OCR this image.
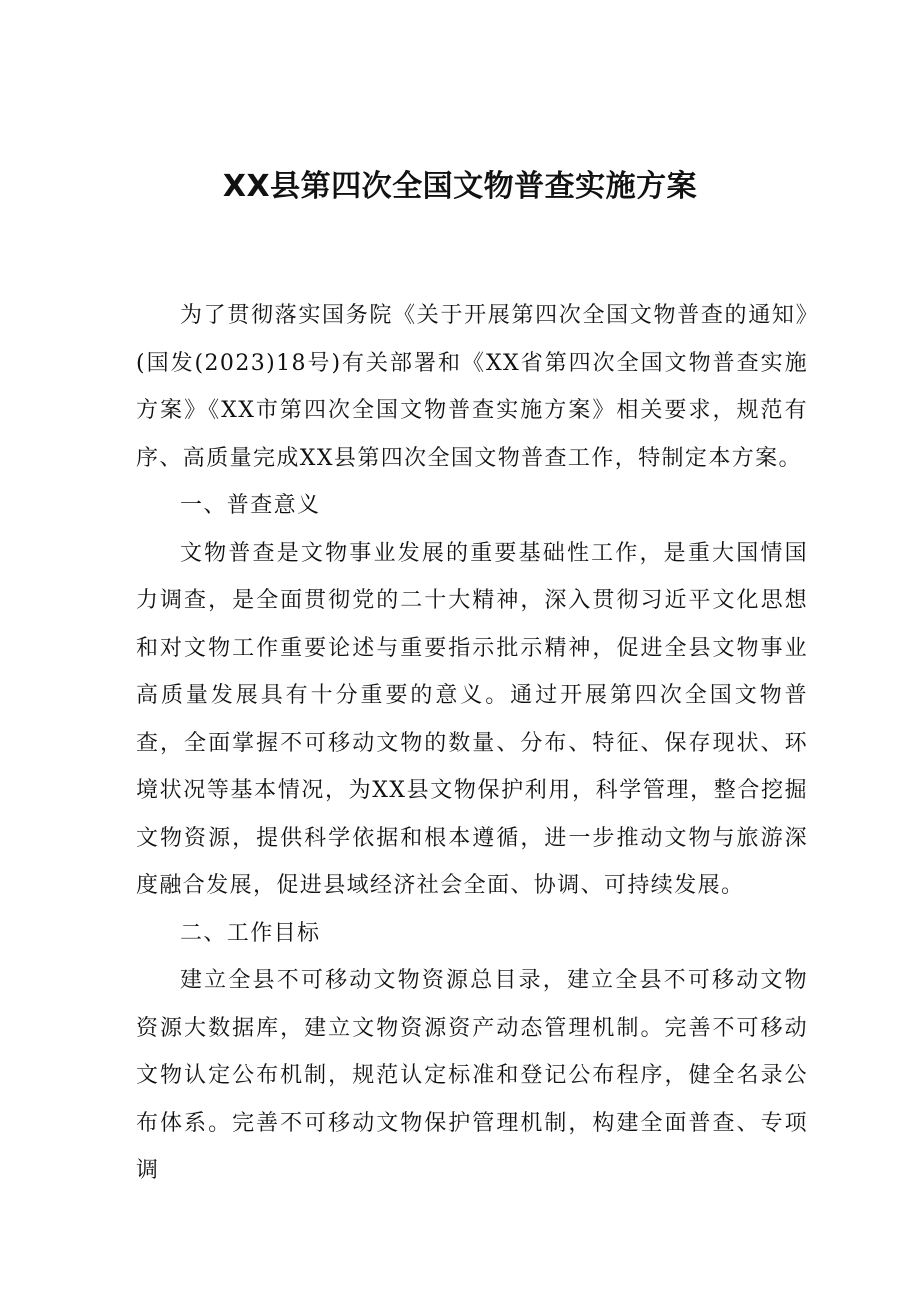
XX县第四次全国文物普查实施方案

为了贯彻落实国务院《关于开展第四次全国文物普查的通知》(国发(2023)18号)有关部署和《XX省第四次全国文物普查实施方案》《XX市第四次全国文物普查实施方案》相关要求，规范有序、高质量完成XX县第四次全国文物普查工作，特制定本方案。

一、普查意义

文物普查是文物事业发展的重要基础性工作，是重大国情国力调查，是全面贯彻党的二十大精神，深入贯彻习近平文化思想和对文物工作重要论述与重要指示批示精神，促进全县文物事业高质量发展具有十分重要的意义。通过开展第四次全国文物普查，全面掌握不可移动文物的数量、分布、特征、保存现状、环境状况等基本情况，为XX县文物保护利用，科学管理，整合挖掘文物资源，提供科学依据和根本遵循，进一步推动文物与旅游深度融合发展，促进县域经济社会全面、协调、可持续发展。

二、工作目标

建立全县不可移动文物资源总目录，建立全县不可移动文物资源大数据库，建立文物资源资产动态管理机制。完善不可移动文物认定公布机制，规范认定标准和登记公布程序，健全名录公布体系。完善不可移动文物保护管理机制，构建全面普查、专项调
